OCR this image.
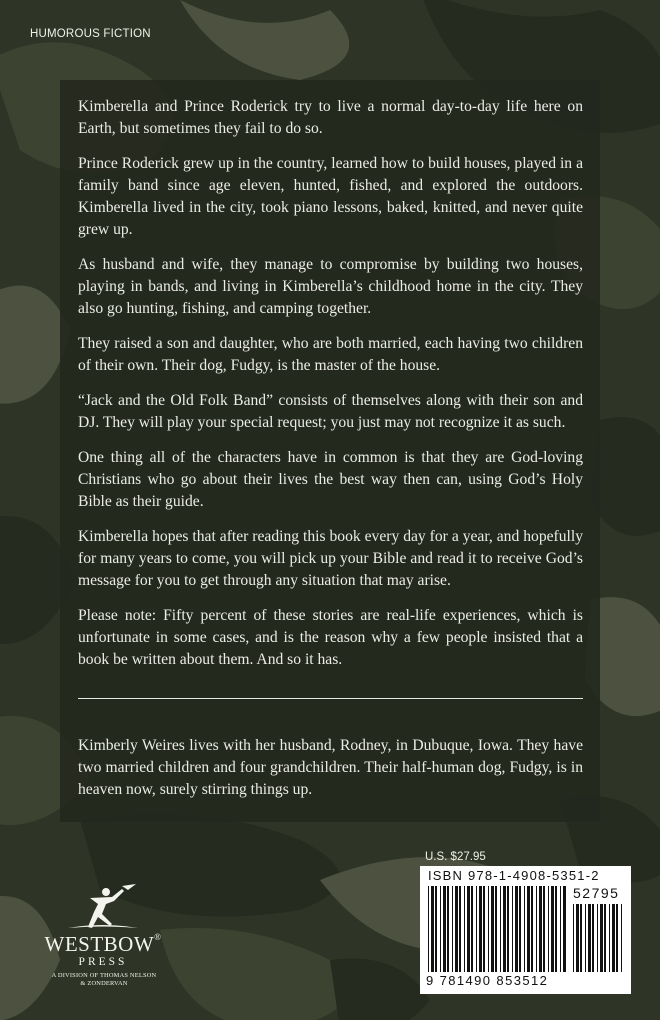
HUMOROUS FICTION

Kimberella and Prince Roderick try to live a normal day-to-day life here on Earth, but sometimes they fail to do so.

Prince Roderick grew up in the country, learned how to build houses, played in a family band since age eleven, hunted, fished, and explored the outdoors. Kimberella lived in the city, took piano lessons, baked, knitted, and never quite grew up.

As husband and wife, they manage to compromise by building two houses, playing in bands, and living in Kimberella’s childhood home in the city. They also go hunting, fishing, and camping together.

They raised a son and daughter, who are both married, each having two children of their own. Their dog, Fudgy, is the master of the house.

“Jack and the Old Folk Band” consists of themselves along with their son and DJ. They will play your special request; you just may not recognize it as such.

One thing all of the characters have in common is that they are God-loving Christians who go about their lives the best way then can, using God’s Holy Bible as their guide.

Kimberella hopes that after reading this book every day for a year, and hopefully for many years to come, you will pick up your Bible and read it to receive God’s message for you to get through any situation that may arise.

Please note: Fifty percent of these stories are real-life experiences, which is unfortunate in some cases, and is the reason why a few people insisted that a book be written about them. And so it has.

Kimberly Weires lives with her husband, Rodney, in Dubuque, Iowa. They have two married children and four grandchildren. Their half-human dog, Fudgy, is in heaven now, surely stirring things up.

U.S. $27.95
ISBN 978-1-4908-5351-2
52795
9 781490 853512
WESTBOW®
PRESS
A DIVISION OF THOMAS NELSON
& ZONDERVAN
